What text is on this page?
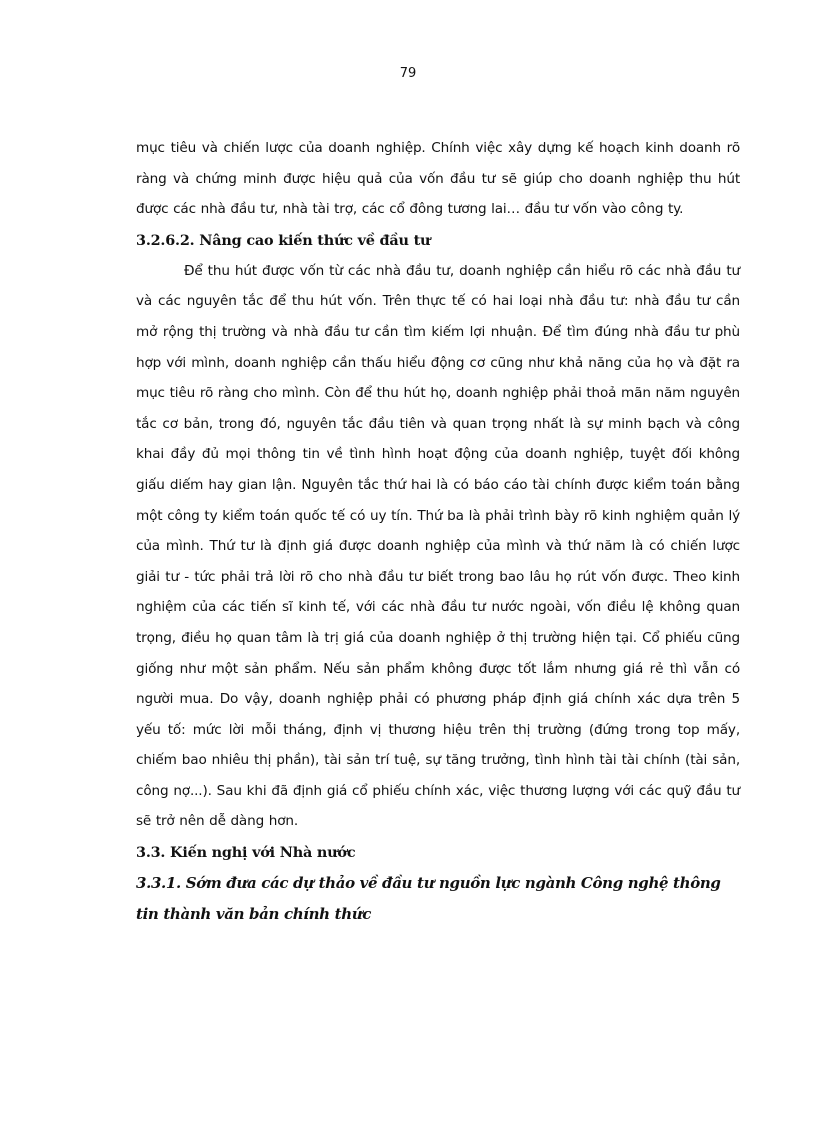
79

mục tiêu và chiến lược của doanh nghiệp. Chính việc xây dựng kế hoạch kinh doanh rõ ràng và chứng minh được hiệu quả của vốn đầu tư sẽ giúp cho doanh nghiệp thu hút được các nhà đầu tư, nhà tài trợ, các cổ đông tương lai… đầu tư vốn vào công ty.

3.2.6.2. Nâng cao kiến thức về đầu tư

Để thu hút được vốn từ các nhà đầu tư, doanh nghiệp cần hiểu rõ các nhà đầu tư và các nguyên tắc để thu hút vốn. Trên thực tế có hai loại nhà đầu tư: nhà đầu tư cần mở rộng thị trường và nhà đầu tư cần tìm kiếm lợi nhuận. Để tìm đúng nhà đầu tư phù hợp với mình, doanh nghiệp cần thấu hiểu động cơ cũng như khả năng của họ và đặt ra mục tiêu rõ ràng cho mình. Còn để thu hút họ, doanh nghiệp phải thoả mãn năm nguyên tắc cơ bản, trong đó, nguyên tắc đầu tiên và quan trọng nhất là sự minh bạch và công khai đầy đủ mọi thông tin về tình hình hoạt động của doanh nghiệp, tuyệt đối không giấu diếm hay gian lận. Nguyên tắc thứ hai là có báo cáo tài chính được kiểm toán bằng một công ty kiểm toán quốc tế có uy tín. Thứ ba là phải trình bày rõ kinh nghiệm quản lý của mình. Thứ tư là định giá được doanh nghiệp của mình và thứ năm là có chiến lược giải tư - tức phải trả lời rõ cho nhà đầu tư biết trong bao lâu họ rút vốn được. Theo kinh nghiệm của các tiến sĩ kinh tế, với các nhà đầu tư nước ngoài, vốn điều lệ không quan trọng, điều họ quan tâm là trị giá của doanh nghiệp ở thị trường hiện tại. Cổ phiếu cũng giống như một sản phẩm. Nếu sản phẩm không được tốt lắm nhưng giá rẻ thì vẫn có người mua. Do vậy, doanh nghiệp phải có phương pháp định giá chính xác dựa trên 5 yếu tố: mức lời mỗi tháng, định vị thương hiệu trên thị trường (đứng trong top mấy, chiếm bao nhiêu thị phần), tài sản trí tuệ, sự tăng trưởng, tình hình tài tài chính (tài sản, công nợ...). Sau khi đã định giá cổ phiếu chính xác, việc thương lượng với các quỹ đầu tư sẽ trở nên dễ dàng hơn.

3.3. Kiến nghị với Nhà nước
3.3.1. Sớm đưa các dự thảo về đầu tư nguồn lực ngành Công nghệ thông tin thành văn bản chính thức
